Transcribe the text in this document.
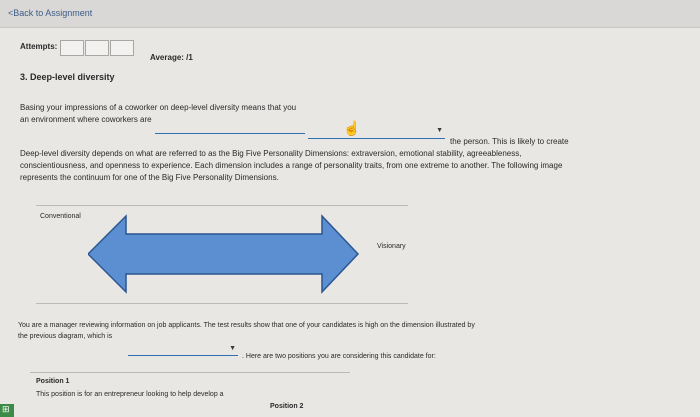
<Back to Assignment
Attempts:
Average: /1
3. Deep-level diversity
Basing your impressions of a coworker on deep-level diversity means that you
an environment where coworkers are
▼
☝
the person. This is likely to create
Deep-level diversity depends on what are referred to as the Big Five Personality Dimensions: extraversion, emotional stability, agreeableness, conscientiousness, and openness to experience. Each dimension includes a range of personality traits, from one extreme to another. The following image represents the continuum for one of the Big Five Personality Dimensions.
Conventional
Visionary
You are a manager reviewing information on job applicants. The test results show that one of your candidates is high on the dimension illustrated by
the previous diagram, which is
▼
. Here are two positions you are considering this candidate for:
Position 1
This position is for an entrepreneur looking to help develop a
Position 2
⊞
